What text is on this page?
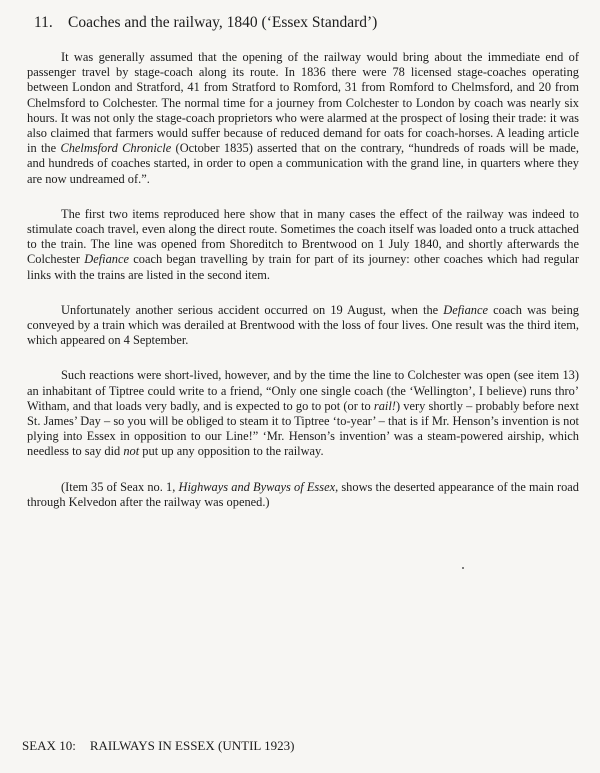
11. Coaches and the railway, 1840 (‘Essex Standard’)

It was generally assumed that the opening of the railway would bring about the immediate end of passenger travel by stage-coach along its route. In 1836 there were 78 licensed stage-coaches operating between London and Stratford, 41 from Stratford to Romford, 31 from Romford to Chelmsford, and 20 from Chelmsford to Colchester. The normal time for a journey from Colchester to London by coach was nearly six hours. It was not only the stage-coach proprietors who were alarmed at the prospect of losing their trade: it was also claimed that farmers would suffer because of reduced demand for oats for coach-horses. A leading article in the Chelmsford Chronicle (October 1835) asserted that on the contrary, “hundreds of roads will be made, and hundreds of coaches started, in order to open a communication with the grand line, in quarters where they are now undreamed of.”.

The first two items reproduced here show that in many cases the effect of the railway was indeed to stimulate coach travel, even along the direct route. Sometimes the coach itself was loaded onto a truck attached to the train. The line was opened from Shoreditch to Brentwood on 1 July 1840, and shortly afterwards the Colchester Defiance coach began travelling by train for part of its journey: other coaches which had regular links with the trains are listed in the second item.

Unfortunately another serious accident occurred on 19 August, when the Defiance coach was being conveyed by a train which was derailed at Brentwood with the loss of four lives. One result was the third item, which appeared on 4 September.

Such reactions were short-lived, however, and by the time the line to Colchester was open (see item 13) an inhabitant of Tiptree could write to a friend, “Only one single coach (the ‘Wellington’, I believe) runs thro’ Witham, and that loads very badly, and is expected to go to pot (or to rail!) very shortly – probably before next St. James’ Day – so you will be obliged to steam it to Tiptree ‘to-year’ – that is if Mr. Henson’s invention is not plying into Essex in opposition to our Line!” ‘Mr. Henson’s invention’ was a steam-powered airship, which needless to say did not put up any opposition to the railway.

(Item 35 of Seax no. 1, Highways and Byways of Essex, shows the deserted appearance of the main road through Kelvedon after the railway was opened.)

SEAX 10: RAILWAYS IN ESSEX (UNTIL 1923)
